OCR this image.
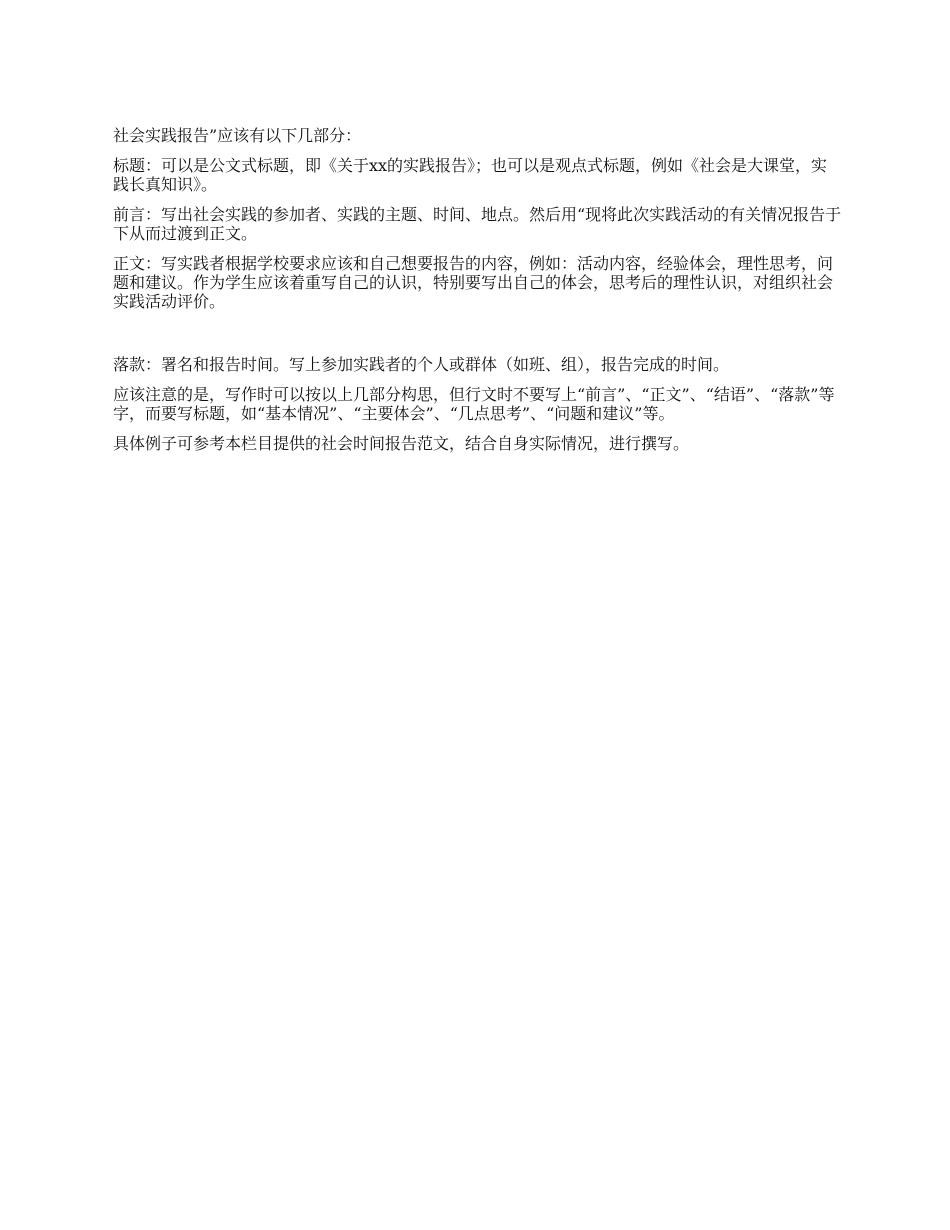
社会实践报告”应该有以下几部分：

标题：可以是公文式标题，即《关于xx的实践报告》；也可以是观点式标题，例如《社会是大课堂，实践长真知识》。

前言：写出社会实践的参加者、实践的主题、时间、地点。然后用“现将此次实践活动的有关情况报告于下从而过渡到正文。

正文：写实践者根据学校要求应该和自己想要报告的内容，例如：活动内容，经验体会，理性思考，问题和建议。作为学生应该着重写自己的认识，特别要写出自己的体会，思考后的理性认识，对组织社会实践活动评价。

落款：署名和报告时间。写上参加实践者的个人或群体（如班、组），报告完成的时间。

应该注意的是，写作时可以按以上几部分构思，但行文时不要写上“前言”、“正文”、“结语”、“落款”等字，而要写标题，如“基本情况”、“主要体会”、“几点思考”、“问题和建议”等。

具体例子可参考本栏目提供的社会时间报告范文，结合自身实际情况，进行撰写。
